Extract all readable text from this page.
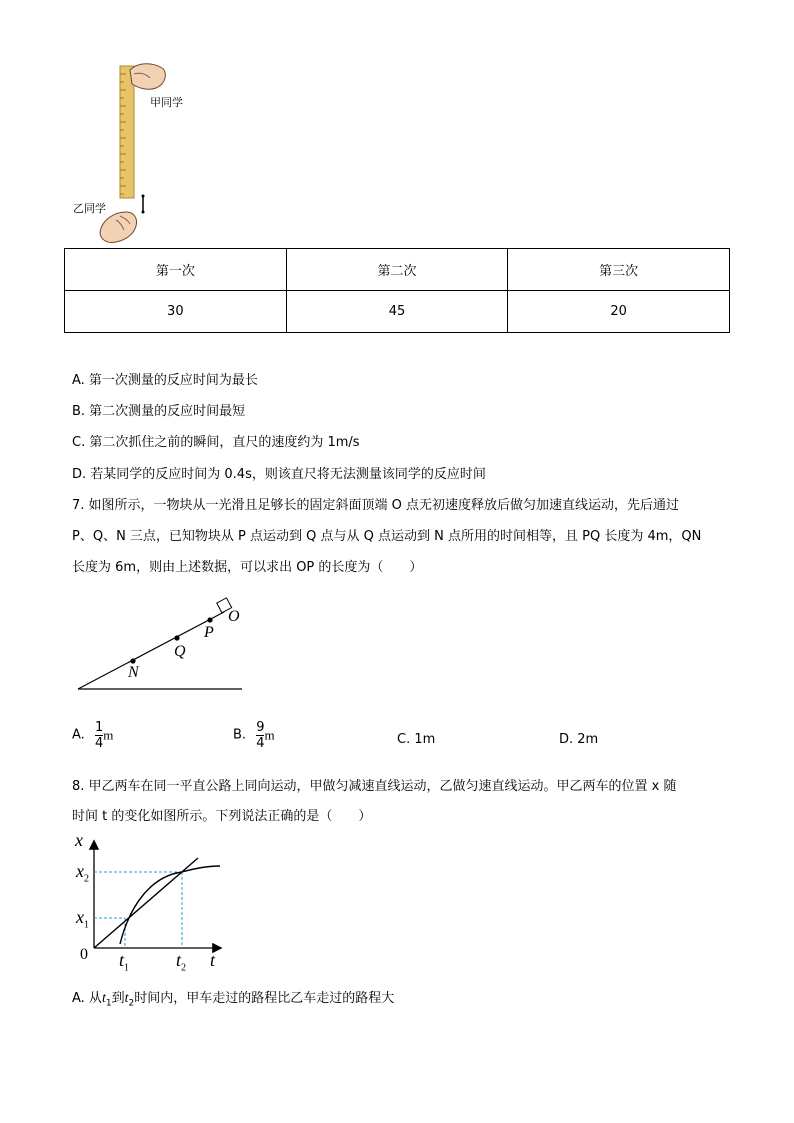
甲同学
乙同学
第一次	第二次	第三次
30	45	20
A. 第一次测量的反应时间为最长
B. 第二次测量的反应时间最短
C. 第二次抓住之前的瞬间，直尺的速度约为 1m/s
D. 若某同学的反应时间为 0.4s，则该直尺将无法测量该同学的反应时间
7. 如图所示，一物块从一光滑且足够长的固定斜面顶端 O 点无初速度释放后做匀加速直线运动，先后通过
P、Q、N 三点，已知物块从 P 点运动到 Q 点与从 Q 点运动到 N 点所用的时间相等，且 PQ 长度为 4m，QN
长度为 6m，则由上述数据，可以求出 OP 的长度为（　　）
O
P
Q
N
A. $\frac{1}{4}$ m	B. $\frac{9}{4}$ m	C. 1m	D. 2m
8. 甲乙两车在同一平直公路上同向运动，甲做匀减速直线运动，乙做匀速直线运动。甲乙两车的位置 x 随
时间 t 的变化如图所示。下列说法正确的是（　　）
x
t
0
$x_2$
$x_1$
$t_1$	$t_2$
A. 从$t_1$到$t_2$时间内，甲车走过的路程比乙车走过的路程大
